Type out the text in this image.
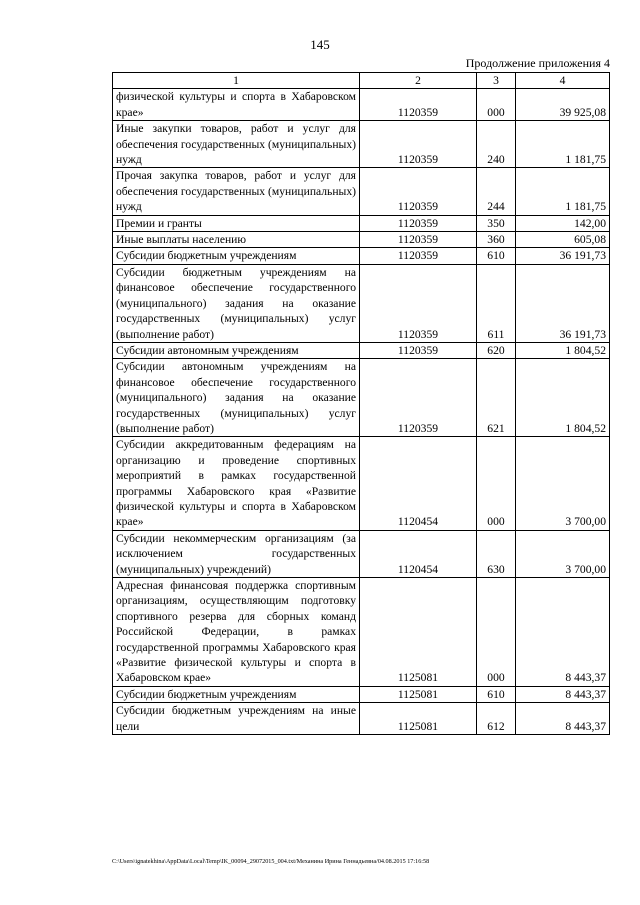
145
Продолжение приложения 4
1	2	3	4
физической культуры и спорта в Хабаровском крае»	1120359	000	39 925,08
Иные закупки товаров, работ и услуг для обеспечения государственных (муниципальных) нужд	1120359	240	1 181,75
Прочая закупка товаров, работ и услуг для обеспечения государственных (муниципальных) нужд	1120359	244	1 181,75
Премии и гранты	1120359	350	142,00
Иные выплаты населению	1120359	360	605,08
Субсидии бюджетным учреждениям	1120359	610	36 191,73
Субсидии бюджетным учреждениям на финансовое обеспечение государственного (муниципального) задания на оказание государственных (муниципальных) услуг (выполнение работ)	1120359	611	36 191,73
Субсидии автономным учреждениям	1120359	620	1 804,52
Субсидии автономным учреждениям на финансовое обеспечение государственного (муниципального) задания на оказание государственных (муниципальных) услуг (выполнение работ)	1120359	621	1 804,52
Субсидии аккредитованным федерациям на организацию и проведение спортивных мероприятий в рамках государственной программы Хабаровского края «Развитие физической культуры и спорта в Хабаровском крае»	1120454	000	3 700,00
Субсидии некоммерческим организациям (за исключением государственных (муниципальных) учреждений)	1120454	630	3 700,00
Адресная финансовая поддержка спортивным организациям, осуществляющим подготовку спортивного резерва для сборных команд Российской Федерации, в рамках государственной программы Хабаровского края «Развитие физической культуры и спорта в Хабаровском крае»	1125081	000	8 443,37
Субсидии бюджетным учреждениям	1125081	610	8 443,37
Субсидии бюджетным учреждениям на иные цели	1125081	612	8 443,37
C:\Users\ignatekhina\AppData\Local\Temp\IK_00094_29072015_004.txt/Механина Ирина Геннадьевна/04.08.2015 17:16:58
